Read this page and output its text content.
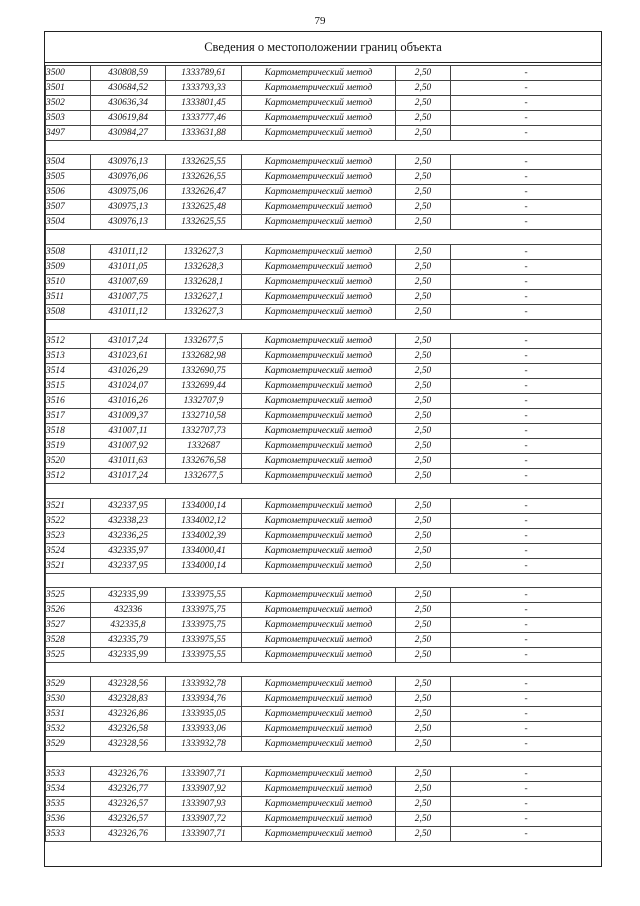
79
Сведения о местоположении границ объекта
3500	430808,59	1333789,61	Картометрический метод	2,50	-
3501	430684,52	1333793,33	Картометрический метод	2,50	-
3502	430636,34	1333801,45	Картометрический метод	2,50	-
3503	430619,84	1333777,46	Картометрический метод	2,50	-
3497	430984,27	1333631,88	Картометрический метод	2,50	-

3504	430976,13	1332625,55	Картометрический метод	2,50	-
3505	430976,06	1332626,55	Картометрический метод	2,50	-
3506	430975,06	1332626,47	Картометрический метод	2,50	-
3507	430975,13	1332625,48	Картометрический метод	2,50	-
3504	430976,13	1332625,55	Картометрический метод	2,50	-

3508	431011,12	1332627,3	Картометрический метод	2,50	-
3509	431011,05	1332628,3	Картометрический метод	2,50	-
3510	431007,69	1332628,1	Картометрический метод	2,50	-
3511	431007,75	1332627,1	Картометрический метод	2,50	-
3508	431011,12	1332627,3	Картометрический метод	2,50	-

3512	431017,24	1332677,5	Картометрический метод	2,50	-
3513	431023,61	1332682,98	Картометрический метод	2,50	-
3514	431026,29	1332690,75	Картометрический метод	2,50	-
3515	431024,07	1332699,44	Картометрический метод	2,50	-
3516	431016,26	1332707,9	Картометрический метод	2,50	-
3517	431009,37	1332710,58	Картометрический метод	2,50	-
3518	431007,11	1332707,73	Картометрический метод	2,50	-
3519	431007,92	1332687	Картометрический метод	2,50	-
3520	431011,63	1332676,58	Картометрический метод	2,50	-
3512	431017,24	1332677,5	Картометрический метод	2,50	-

3521	432337,95	1334000,14	Картометрический метод	2,50	-
3522	432338,23	1334002,12	Картометрический метод	2,50	-
3523	432336,25	1334002,39	Картометрический метод	2,50	-
3524	432335,97	1334000,41	Картометрический метод	2,50	-
3521	432337,95	1334000,14	Картометрический метод	2,50	-

3525	432335,99	1333975,55	Картометрический метод	2,50	-
3526	432336	1333975,75	Картометрический метод	2,50	-
3527	432335,8	1333975,75	Картометрический метод	2,50	-
3528	432335,79	1333975,55	Картометрический метод	2,50	-
3525	432335,99	1333975,55	Картометрический метод	2,50	-

3529	432328,56	1333932,78	Картометрический метод	2,50	-
3530	432328,83	1333934,76	Картометрический метод	2,50	-
3531	432326,86	1333935,05	Картометрический метод	2,50	-
3532	432326,58	1333933,06	Картометрический метод	2,50	-
3529	432328,56	1333932,78	Картометрический метод	2,50	-

3533	432326,76	1333907,71	Картометрический метод	2,50	-
3534	432326,77	1333907,92	Картометрический метод	2,50	-
3535	432326,57	1333907,93	Картометрический метод	2,50	-
3536	432326,57	1333907,72	Картометрический метод	2,50	-
3533	432326,76	1333907,71	Картометрический метод	2,50	-
